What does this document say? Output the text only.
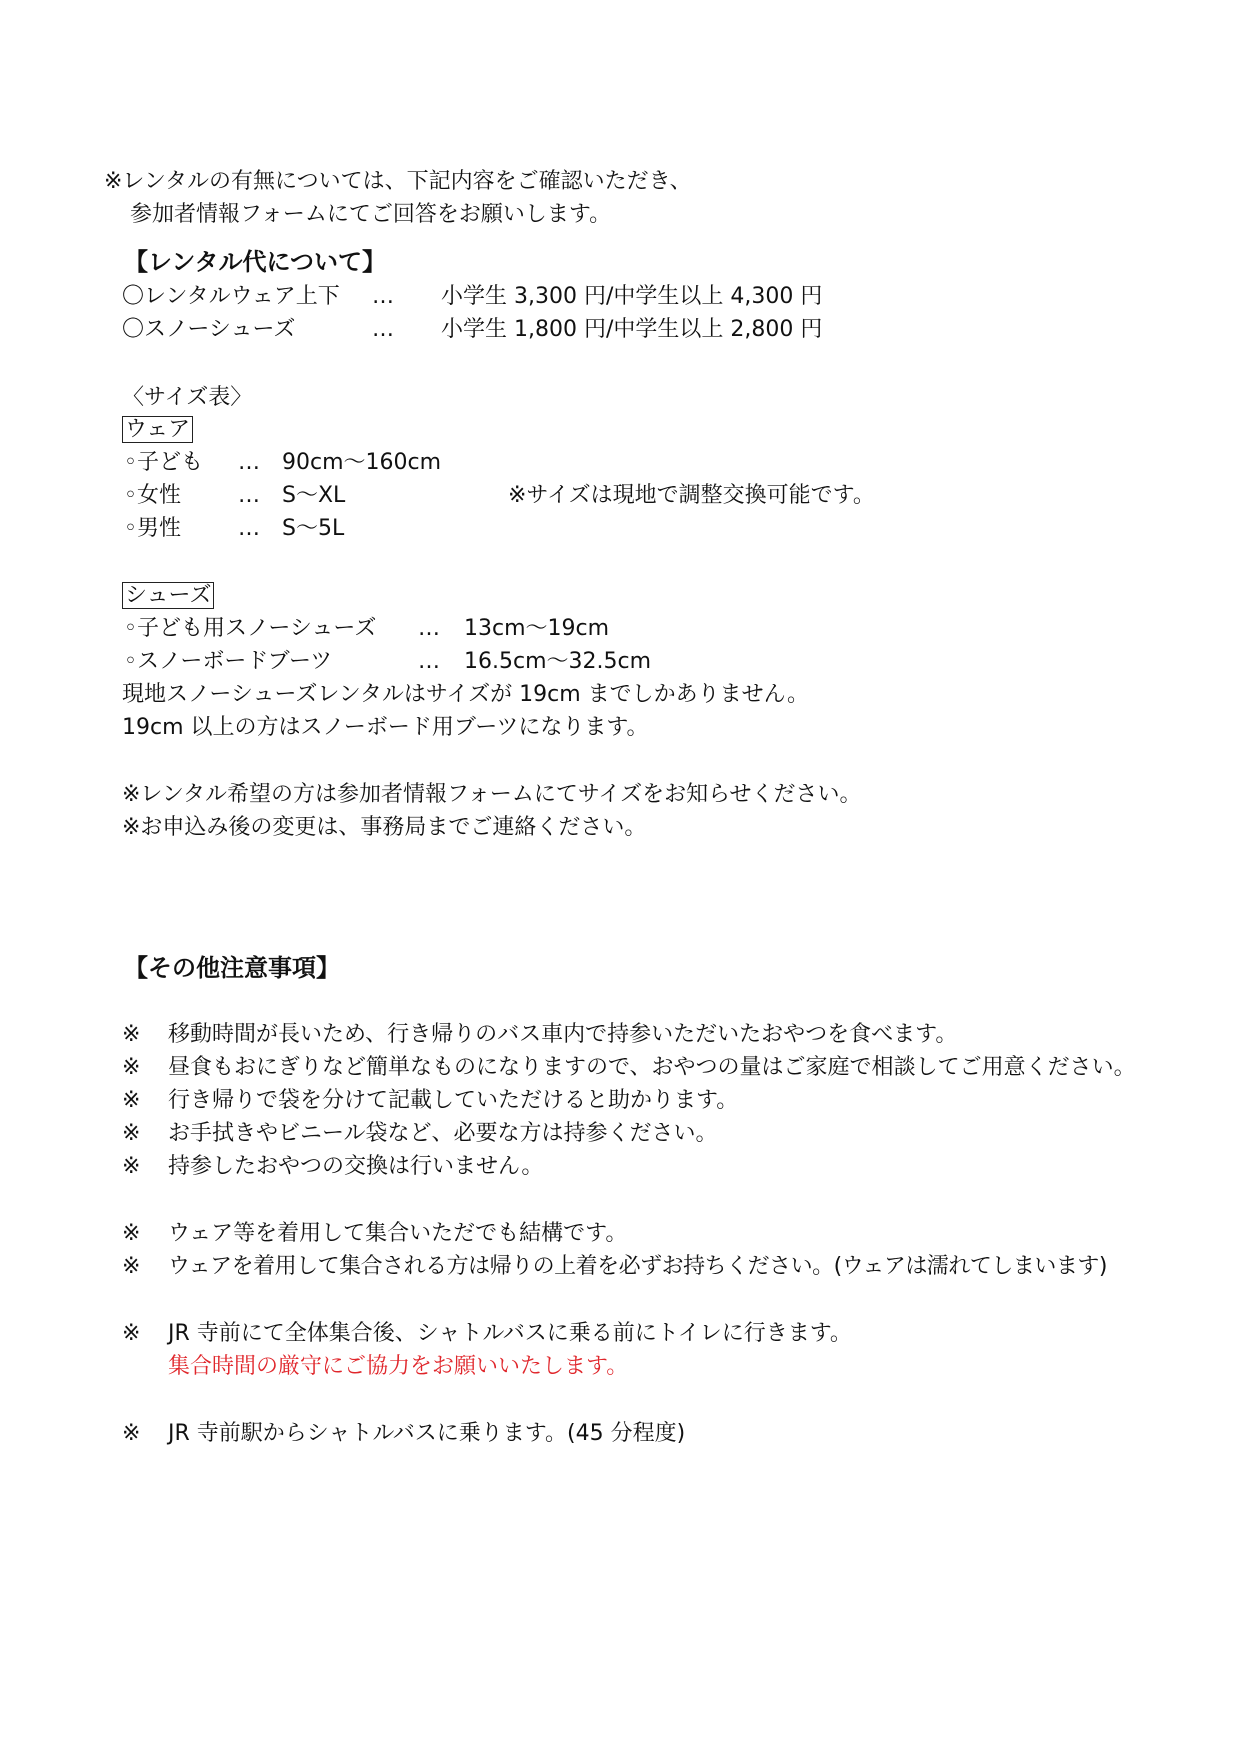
※レンタルの有無については、下記内容をご確認いただき、
参加者情報フォームにてご回答をお願いします。
【レンタル代について】
〇レンタルウェア上下 … 小学生 3,300 円/中学生以上 4,300 円
〇スノーシューズ	… 小学生 1,800 円/中学生以上 2,800 円
〈サイズ表〉
ウェア
◦子ども … 90cm～160cm
◦女性	… S～XL	※サイズは現地で調整交換可能です。
◦男性	… S～5L
シューズ
◦子ども用スノーシューズ … 13cm～19cm
◦スノーボードブーツ	… 16.5cm～32.5cm
現地スノーシューズレンタルはサイズが 19cm までしかありません。
19cm 以上の方はスノーボード用ブーツになります。
※レンタル希望の方は参加者情報フォームにてサイズをお知らせください。
※お申込み後の変更は、事務局までご連絡ください。
【その他注意事項】
※ 移動時間が長いため、行き帰りのバス車内で持参いただいたおやつを食べます。
※ 昼食もおにぎりなど簡単なものになりますので、おやつの量はご家庭で相談してご用意ください。
※ 行き帰りで袋を分けて記載していただけると助かります。
※ お手拭きやビニール袋など、必要な方は持参ください。
※ 持参したおやつの交換は行いません。
※ ウェア等を着用して集合いただでも結構です。
※ ウェアを着用して集合される方は帰りの上着を必ずお持ちください。(ウェアは濡れてしまいます)
※ JR 寺前にて全体集合後、シャトルバスに乗る前にトイレに行きます。
集合時間の厳守にご協力をお願いいたします。
※ JR 寺前駅からシャトルバスに乗ります。(45 分程度)
